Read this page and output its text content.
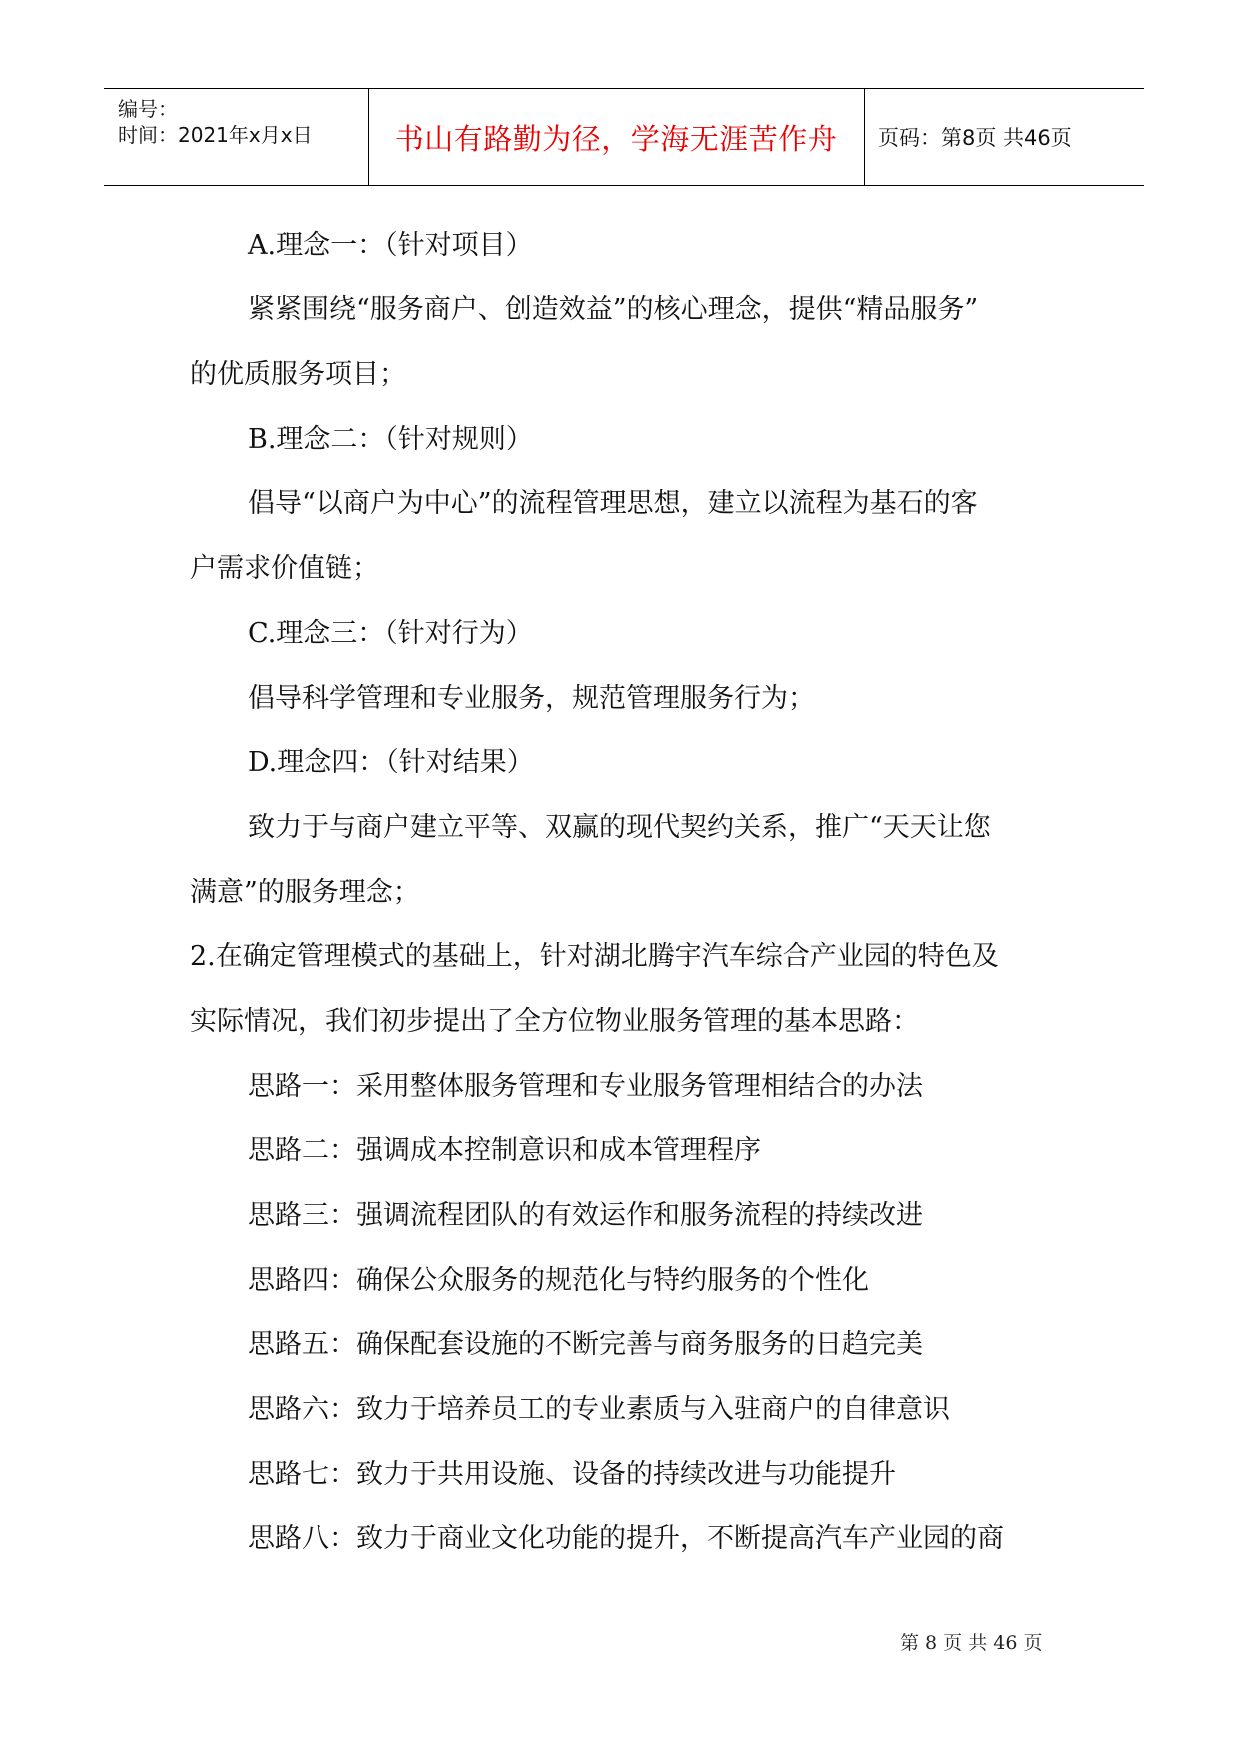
编号：
时间：2021年x月x日	书山有路勤为径，学海无涯苦作舟	页码：第8页 共46页
A.理念一：（针对项目）
紧紧围绕“服务商户、创造效益”的核心理念，提供“精品服务”
的优质服务项目；
B.理念二：（针对规则）
倡导“以商户为中心”的流程管理思想，建立以流程为基石的客
户需求价值链；
C.理念三：（针对行为）
倡导科学管理和专业服务，规范管理服务行为；
D.理念四：（针对结果）
致力于与商户建立平等、双赢的现代契约关系，推广“天天让您
满意”的服务理念；
2.在确定管理模式的基础上，针对湖北腾宇汽车综合产业园的特色及
实际情况，我们初步提出了全方位物业服务管理的基本思路：
思路一：采用整体服务管理和专业服务管理相结合的办法
思路二：强调成本控制意识和成本管理程序
思路三：强调流程团队的有效运作和服务流程的持续改进
思路四：确保公众服务的规范化与特约服务的个性化
思路五：确保配套设施的不断完善与商务服务的日趋完美
思路六：致力于培养员工的专业素质与入驻商户的自律意识
思路七：致力于共用设施、设备的持续改进与功能提升
思路八：致力于商业文化功能的提升，不断提高汽车产业园的商
第 8 页 共 46 页
